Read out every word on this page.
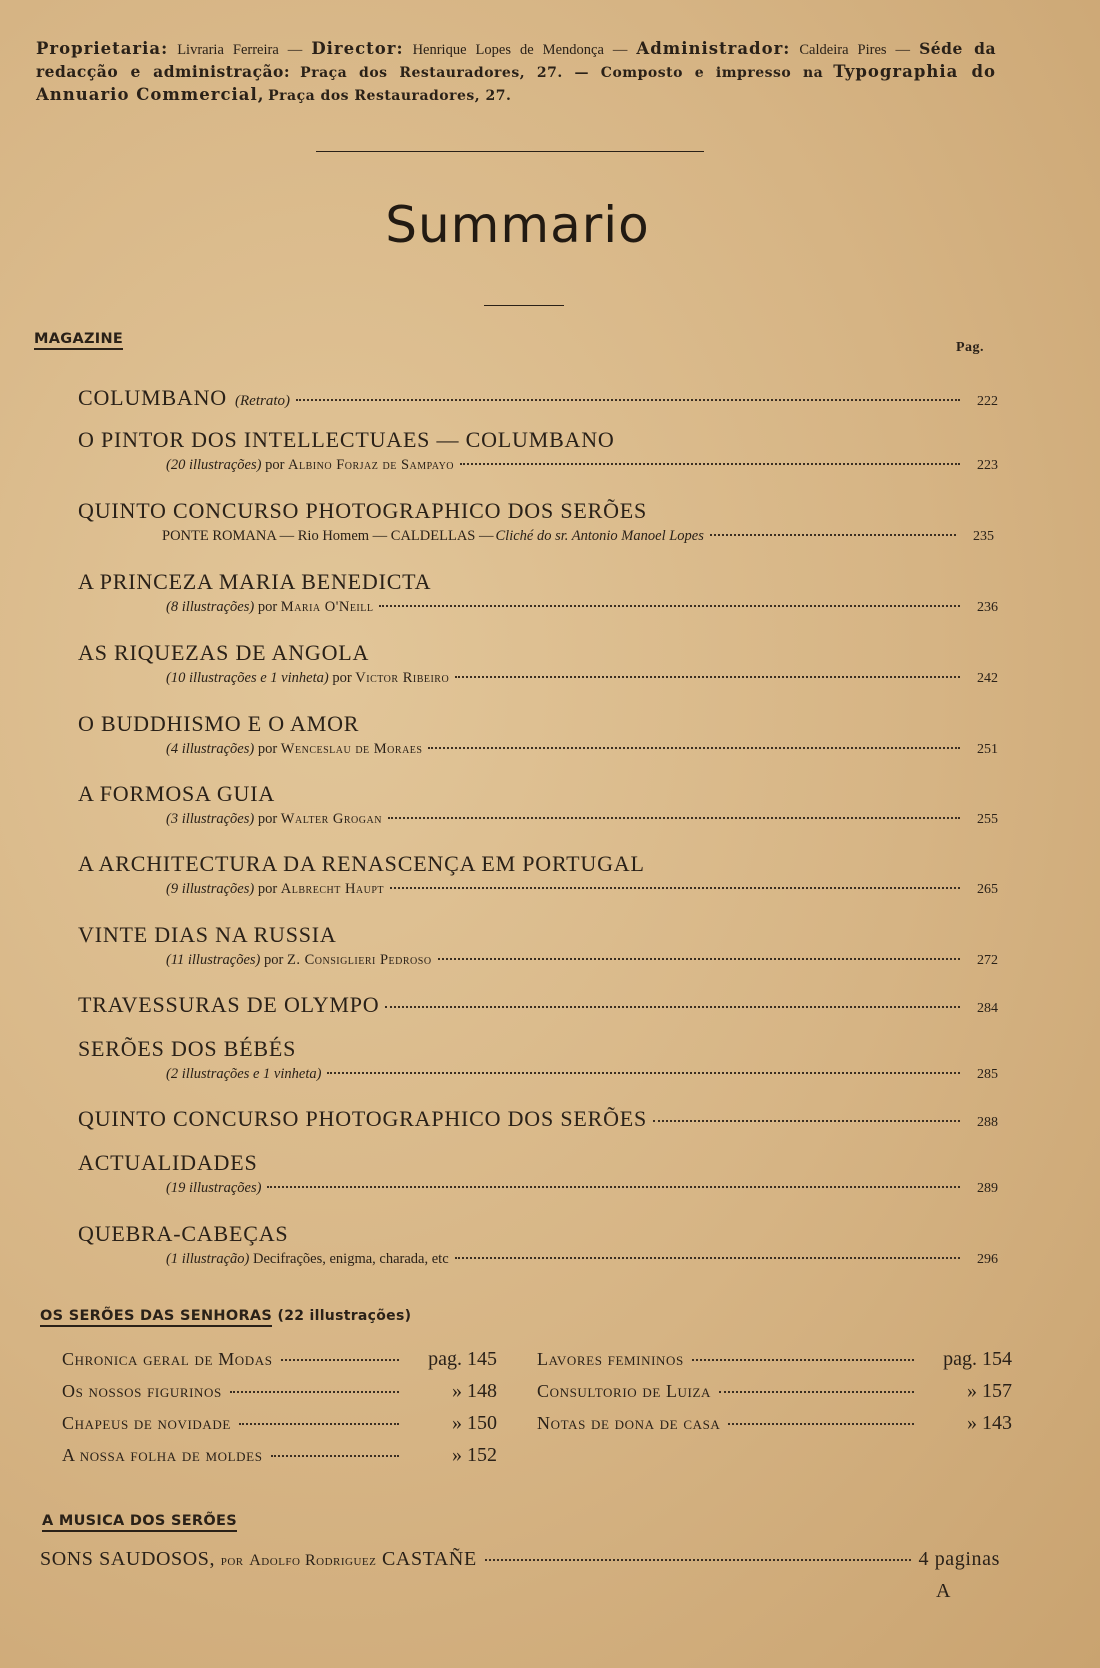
Proprietaria: Livraria Ferreira — Director: Henrique Lopes de Mendonça — Administrador: Caldeira Pires — Séde da redacção e administração: Praça dos Restauradores, 27. — Composto e impresso na Typographia do Annuario Commercial, Praça dos Restauradores, 27.
Summario
MAGAZINE
Pag.
COLUMBANO (Retrato)	222
O PINTOR DOS INTELLECTUAES — COLUMBANO
(20 illustrações)
por
Albino Forjaz de Sampayo	223
QUINTO CONCURSO PHOTOGRAPHICO DOS SERÕES
PONTE ROMANA — Rio Homem — CALDELLAS — Cliché do sr. Antonio Manoel Lopes	235
A PRINCEZA MARIA BENEDICTA
(8 illustrações)
por
Maria O'Neill	236
AS RIQUEZAS DE ANGOLA
(10 illustrações e 1 vinheta)
por
Victor Ribeiro	242
O BUDDHISMO E O AMOR
(4 illustrações)
por
Wenceslau de Moraes	251
A FORMOSA GUIA
(3 illustrações)
por
Walter Grogan	255
A ARCHITECTURA DA RENASCENÇA EM PORTUGAL
(9 illustrações)
por
Albrecht Haupt	265
VINTE DIAS NA RUSSIA
(11 illustrações)
por
Z. Consiglieri Pedroso	272
TRAVESSURAS DE OLYMPO	284
SERÕES DOS BÉBÉS
(2 illustrações e 1 vinheta)	285
QUINTO CONCURSO PHOTOGRAPHICO DOS SERÕES	288
ACTUALIDADES
(19 illustrações)	289
QUEBRA-CABEÇAS
(1 illustração)
Decifrações, enigma, charada, etc	296
OS SERÕES DAS SENHORAS (22 illustrações)
Chronica geral de Modas	pag. 145 Lavores femininos	pag. 154
Os nossos figurinos	» 148 Consultorio de Luiza	» 157
Chapeus de novidade	» 150 Notas de dona de casa	» 143
A nossa folha de moldes	» 152
A MUSICA DOS SERÕES
SONS SAUDOSOS,
por
Adolfo Rodriguez
CASTAÑE	4 paginas
A
